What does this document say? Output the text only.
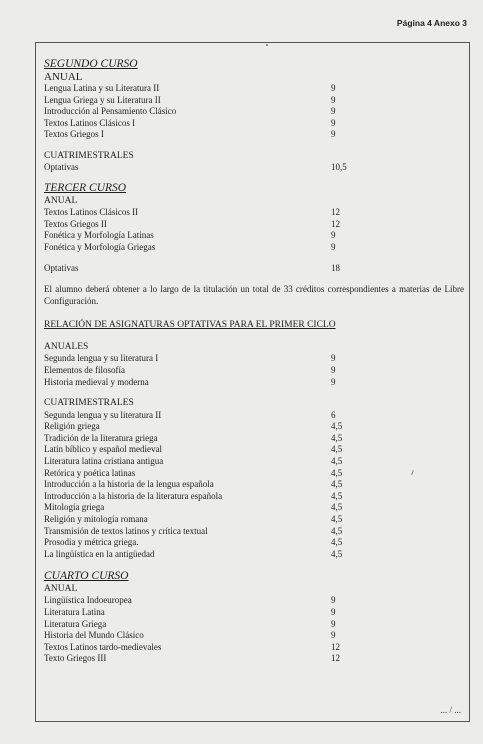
Página 4 Anexo 3
SEGUNDO CURSO
ANUAL
Lengua Latina y su Literatura II	9
Lengua Griega y su Literatura II	9
Introducción al Pensamiento Clásico	9
Textos Latinos Clásicos I	9
Textos Griegos I	9
CUATRIMESTRALES
Optativas	10,5
TERCER CURSO
ANUAL
Textos Latinos Clásicos II	12
Textos Griegos II	12
Fonética y Morfología Latinas	9
Fonética y Morfología Griegas	9
Optativas	18
El alumno deberá obtener a lo largo de la titulación un total de 33 créditos correspondientes a materias de Libre Configuración.
RELACIÓN DE ASIGNATURAS OPTATIVAS PARA EL PRIMER CICLO
ANUALES
Segunda lengua y su literatura I	9
Elementos de filosofía	9
Historia medieval y moderna	9
CUATRIMESTRALES
Segunda lengua y su literatura II	6
Religión griega	4,5
Tradición de la literatura griega	4,5
Latín bíblico y español medieval	4,5
Literatura latina cristiana antigua	4,5
Retórica y poética latinas	4,5
Introducción a la historia de la lengua española	4,5
Introducción a la historia de la literatura española	4,5
Mitología griega	4,5
Religión y mitología romana	4,5
Transmisión de textos latinos y crítica textual	4,5
Prosodia y métrica griega.	4,5
La lingüística en la antigüedad	4,5
CUARTO CURSO
ANUAL
Lingüística Indoeuropea	9
Literatura Latina	9
Literatura Griega	9
Historia del Mundo Clásico	9
Textos Latinos tardo-medievales	12
Texto Griegos III	12
... / ...
